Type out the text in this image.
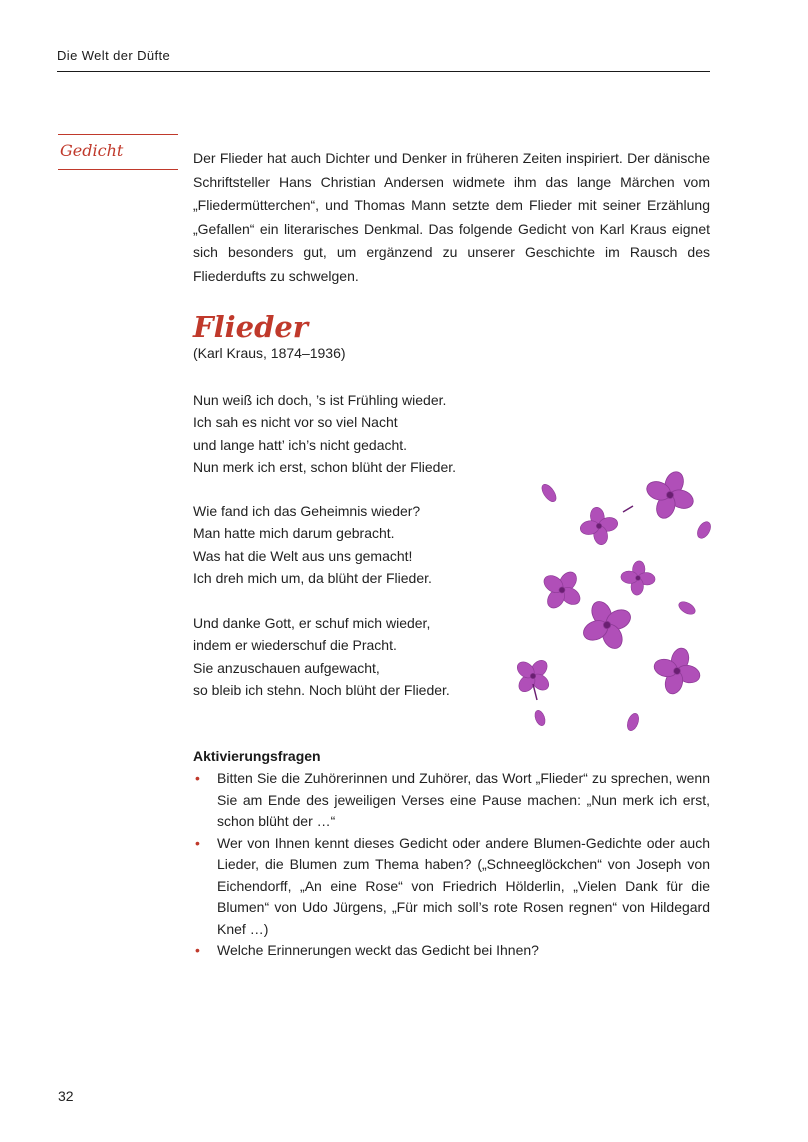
Die Welt der Düfte
Gedicht	Der Flieder hat auch Dichter und Denker in früheren Zeiten inspiriert. Der dänische Schriftsteller Hans Christian Andersen widmete ihm das lange Märchen vom „Fliedermütterchen“, und Thomas Mann setzte dem Flieder mit seiner Erzählung „Gefallen“ ein literarisches Denkmal. Das folgende Gedicht von Karl Kraus eignet sich besonders gut, um ergänzend zu unserer Geschichte im Rausch des Fliederdufts zu schwelgen.
Flieder
(Karl Kraus, 1874–1936)
Nun weiß ich doch, ’s ist Frühling wieder.
Ich sah es nicht vor so viel Nacht
und lange hatt’ ich’s nicht gedacht.
Nun merk ich erst, schon blüht der Flieder.
Wie fand ich das Geheimnis wieder?
Man hatte mich darum gebracht.
Was hat die Welt aus uns gemacht!
Ich dreh mich um, da blüht der Flieder.
Und danke Gott, er schuf mich wieder,
indem er wiederschuf die Pracht.
Sie anzuschauen aufgewacht,
so bleib ich stehn. Noch blüht der Flieder.
Aktivierungsfragen
• Bitten Sie die Zuhörerinnen und Zuhörer, das Wort „Flieder“ zu sprechen, wenn Sie am Ende des jeweiligen Verses eine Pause machen: „Nun merk ich erst, schon blüht der …“
• Wer von Ihnen kennt dieses Gedicht oder andere Blumen-Gedichte oder auch Lieder, die Blumen zum Thema haben? („Schneeglöckchen“ von Joseph von Eichendorff, „An eine Rose“ von Friedrich Hölderlin, „Vielen Dank für die Blumen“ von Udo Jürgens, „Für mich soll’s rote Rosen regnen“ von Hildegard Knef …)
• Welche Erinnerungen weckt das Gedicht bei Ihnen?
32
